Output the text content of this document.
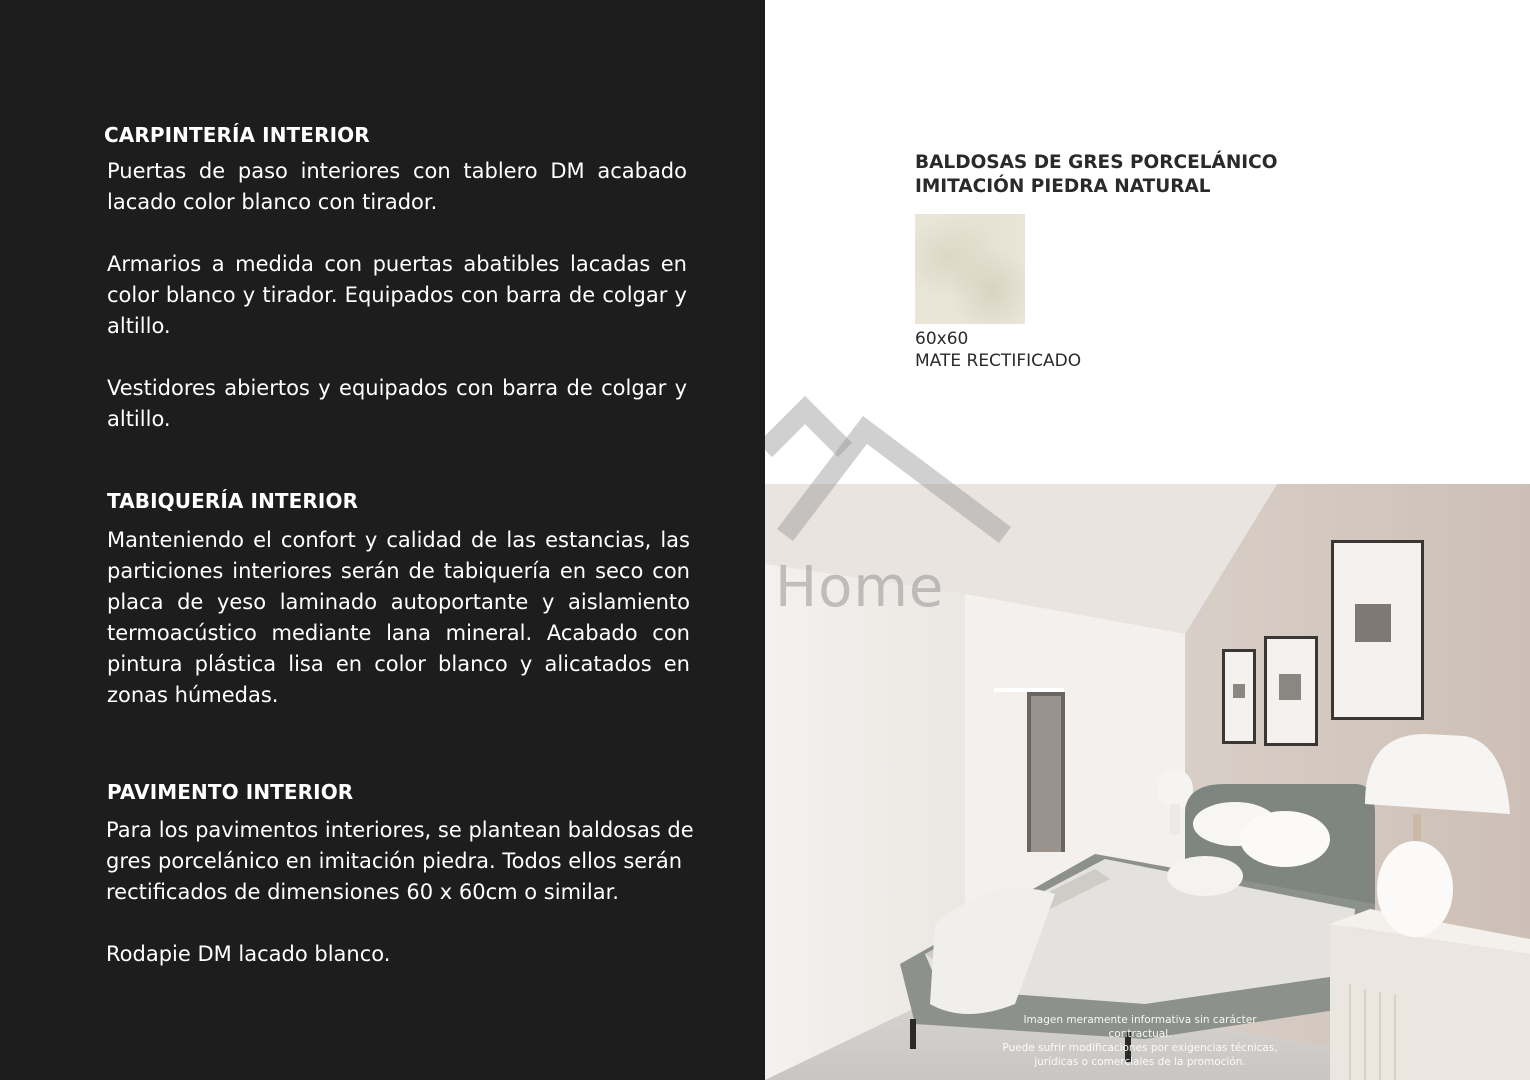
CARPINTERÍA INTERIOR

Puertas de paso interiores con tablero DM acabado lacado color blanco con tirador.

Armarios a medida con puertas abatibles lacadas en color blanco y tirador. Equipados con barra de colgar y altillo.

Vestidores abiertos y equipados con barra de colgar y altillo.

TABIQUERÍA INTERIOR

Manteniendo el confort y calidad de las estancias, las particiones interiores serán de tabiquería en seco con placa de yeso laminado autoportante y aislamiento termoacústico mediante lana mineral. Acabado con pintura plástica lisa en color blanco y alicatados en zonas húmedas.

PAVIMENTO INTERIOR

Para los pavimentos interiores, se plantean baldosas de gres porcelánico en imitación piedra. Todos ellos serán rectificados de dimensiones 60 x 60cm o similar.

Rodapie DM lacado blanco.

BALDOSAS DE GRES PORCELÁNICO
IMITACIÓN PIEDRA NATURAL
60x60
MATE RECTIFICADO
Home
Imagen meramente informativa sin carácter contractual.
Puede sufrir modificaciones por exigencias técnicas,
jurídicas o comerciales de la promoción.
